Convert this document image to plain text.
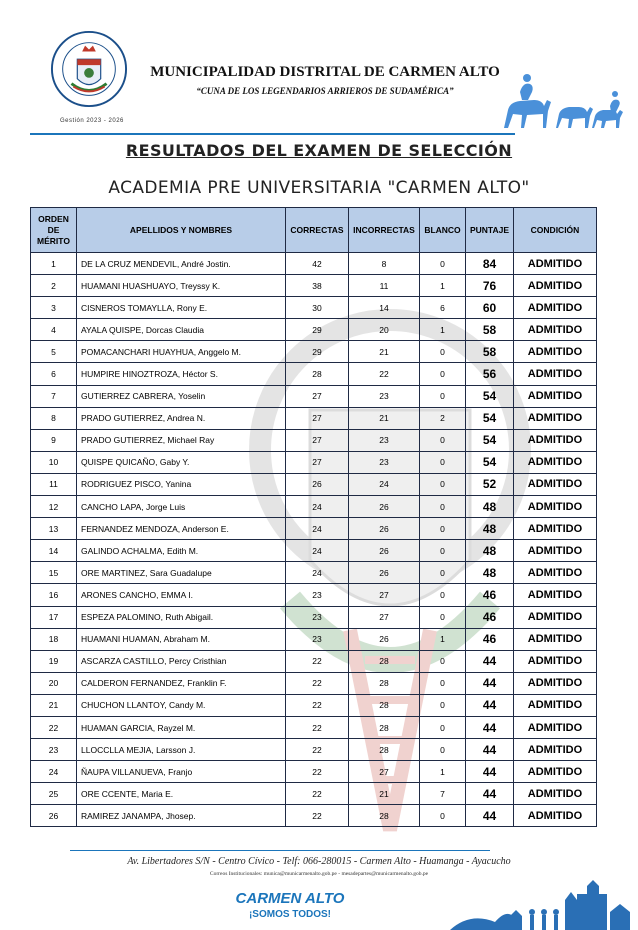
Gestión 2023 - 2026
MUNICIPALIDAD DISTRITAL DE CARMEN ALTO
“CUNA DE LOS LEGENDARIOS ARRIEROS DE SUDAMÉRICA”
RESULTADOS DEL EXAMEN DE SELECCIÓN
ACADEMIA PRE UNIVERSITARIA "CARMEN ALTO"
ORDEN DE MÉRITO	APELLIDOS Y NOMBRES	CORRECTAS	INCORRECTAS	BLANCO	PUNTAJE	CONDICIÓN
1	DE LA CRUZ MENDEVIL, André Jostin.	42	8	0	84	ADMITIDO
2	HUAMANI HUASHUAYO, Treyssy K.	38	11	1	76	ADMITIDO
3	CISNEROS TOMAYLLA, Rony E.	30	14	6	60	ADMITIDO
4	AYALA QUISPE, Dorcas Claudia	29	20	1	58	ADMITIDO
5	POMACANCHARI HUAYHUA, Anggelo M.	29	21	0	58	ADMITIDO
6	HUMPIRE HINOZTROZA, Héctor S.	28	22	0	56	ADMITIDO
7	GUTIERREZ CABRERA, Yoselin	27	23	0	54	ADMITIDO
8	PRADO GUTIERREZ, Andrea N.	27	21	2	54	ADMITIDO
9	PRADO GUTIERREZ, Michael Ray	27	23	0	54	ADMITIDO
10	QUISPE QUICAÑO, Gaby Y.	27	23	0	54	ADMITIDO
11	RODRIGUEZ PISCO, Yanina	26	24	0	52	ADMITIDO
12	CANCHO LAPA, Jorge Luis	24	26	0	48	ADMITIDO
13	FERNANDEZ MENDOZA, Anderson E.	24	26	0	48	ADMITIDO
14	GALINDO ACHALMA, Edith M.	24	26	0	48	ADMITIDO
15	ORE MARTINEZ, Sara Guadalupe	24	26	0	48	ADMITIDO
16	ARONES CANCHO, EMMA I.	23	27	0	46	ADMITIDO
17	ESPEZA PALOMINO, Ruth Abigail.	23	27	0	46	ADMITIDO
18	HUAMANI HUAMAN, Abraham M.	23	26	1	46	ADMITIDO
19	ASCARZA CASTILLO, Percy Cristhian	22	28	0	44	ADMITIDO
20	CALDERON FERNANDEZ, Franklin F.	22	28	0	44	ADMITIDO
21	CHUCHON LLANTOY, Candy M.	22	28	0	44	ADMITIDO
22	HUAMAN GARCIA, Rayzel M.	22	28	0	44	ADMITIDO
23	LLOCCLLA MEJIA, Larsson J.	22	28	0	44	ADMITIDO
24	ÑAUPA VILLANUEVA, Franjo	22	27	1	44	ADMITIDO
25	ORE CCENTE, Maria E.	22	21	7	44	ADMITIDO
26	RAMIREZ JANAMPA, Jhosep.	22	28	0	44	ADMITIDO
Av. Libertadores S/N - Centro Cívico - Telf: 066-280015 - Carmen Alto - Huamanga - Ayacucho
Correos Institucionales: munica@municarmenalto.gob.pe - mesadepartes@municarmenalto.gob.pe
CARMEN ALTO
¡SOMOS TODOS!
